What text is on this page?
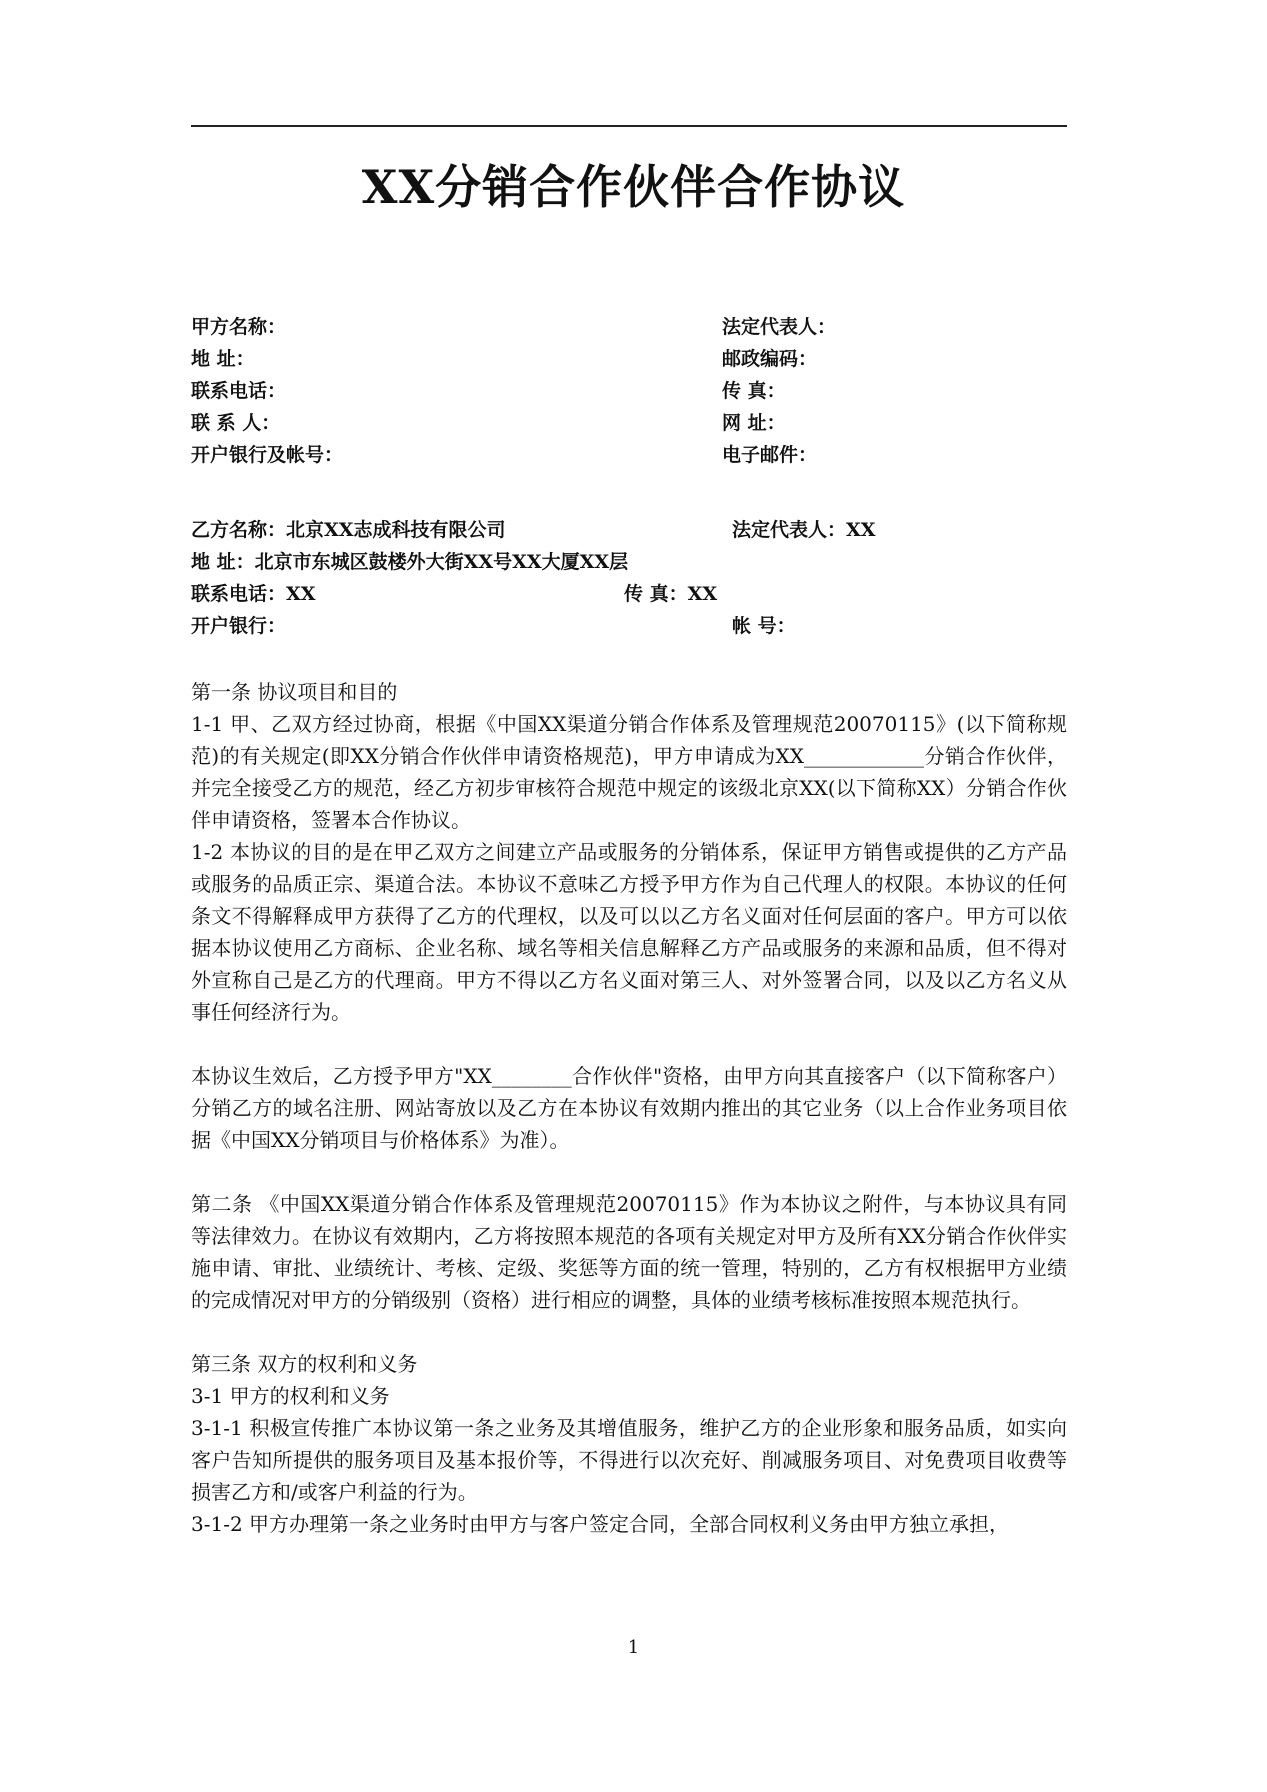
XX分销合作伙伴合作协议
甲方名称：	法定代表人：
地 址：	邮政编码：
联系电话：	传 真：
联 系 人：	网 址：
开户银行及帐号：	电子邮件：
乙方名称：北京XX志成科技有限公司	法定代表人：XX
地 址：北京市东城区鼓楼外大街XX号XX大厦XX层
联系电话：XX	传 真：XX
开户银行：	帐 号：

第一条 协议项目和目的

1-1 甲、乙双方经过协商，根据《中国XX渠道分销合作体系及管理规范20070115》(以下简称规范)的有关规定(即XX分销合作伙伴申请资格规范)，甲方申请成为XX____________分销合作伙伴，并完全接受乙方的规范，经乙方初步审核符合规范中规定的该级北京XX(以下简称XX）分销合作伙伴申请资格，签署本合作协议。

1-2 本协议的目的是在甲乙双方之间建立产品或服务的分销体系，保证甲方销售或提供的乙方产品或服务的品质正宗、渠道合法。本协议不意味乙方授予甲方作为自己代理人的权限。本协议的任何条文不得解释成甲方获得了乙方的代理权，以及可以以乙方名义面对任何层面的客户。甲方可以依据本协议使用乙方商标、企业名称、域名等相关信息解释乙方产品或服务的来源和品质，但不得对外宣称自己是乙方的代理商。甲方不得以乙方名义面对第三人、对外签署合同，以及以乙方名义从事任何经济行为。

本协议生效后，乙方授予甲方"XX________合作伙伴"资格，由甲方向其直接客户（以下简称客户）分销乙方的域名注册、网站寄放以及乙方在本协议有效期内推出的其它业务（以上合作业务项目依据《中国XX分销项目与价格体系》为准）。

第二条 《中国XX渠道分销合作体系及管理规范20070115》作为本协议之附件，与本协议具有同等法律效力。在协议有效期内，乙方将按照本规范的各项有关规定对甲方及所有XX分销合作伙伴实施申请、审批、业绩统计、考核、定级、奖惩等方面的统一管理，特别的，乙方有权根据甲方业绩的完成情况对甲方的分销级别（资格）进行相应的调整，具体的业绩考核标准按照本规范执行。

第三条 双方的权利和义务

3-1 甲方的权利和义务

3-1-1 积极宣传推广本协议第一条之业务及其增值服务，维护乙方的企业形象和服务品质，如实向客户告知所提供的服务项目及基本报价等，不得进行以次充好、削减服务项目、对免费项目收费等损害乙方和/或客户利益的行为。

3-1-2 甲方办理第一条之业务时由甲方与客户签定合同，全部合同权利义务由甲方独立承担，

1
